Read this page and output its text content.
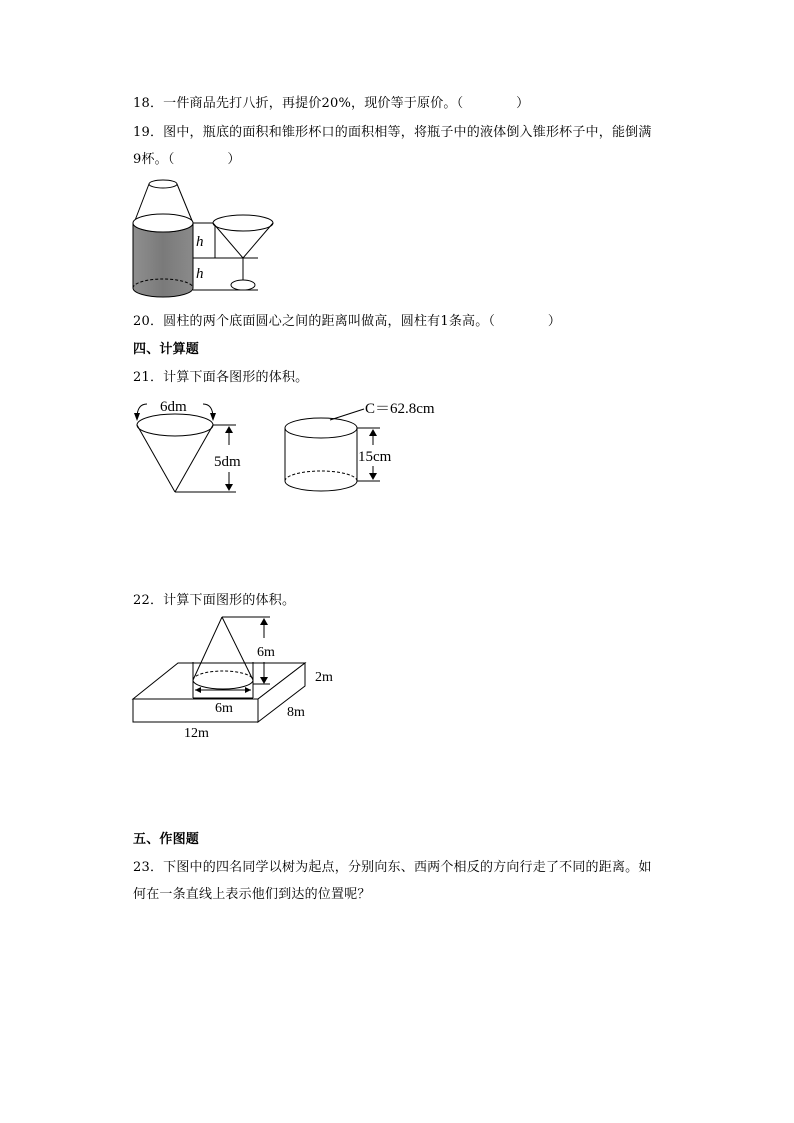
18．一件商品先打八折，再提价20%，现价等于原价。（　　　　）
19．图中，瓶底的面积和锥形杯口的面积相等，将瓶子中的液体倒入锥形杯子中，能倒满
9杯。（　　　　）
h
h
20．圆柱的两个底面圆心之间的距离叫做高，圆柱有1条高。（　　　　）
四、计算题
21．计算下面各图形的体积。
6dm
5dm
C＝62.8cm
15cm
22．计算下面图形的体积。
6m
6m
2m
8m
12m
五、作图题
23．下图中的四名同学以树为起点，分别向东、西两个相反的方向行走了不同的距离。如
何在一条直线上表示他们到达的位置呢？
